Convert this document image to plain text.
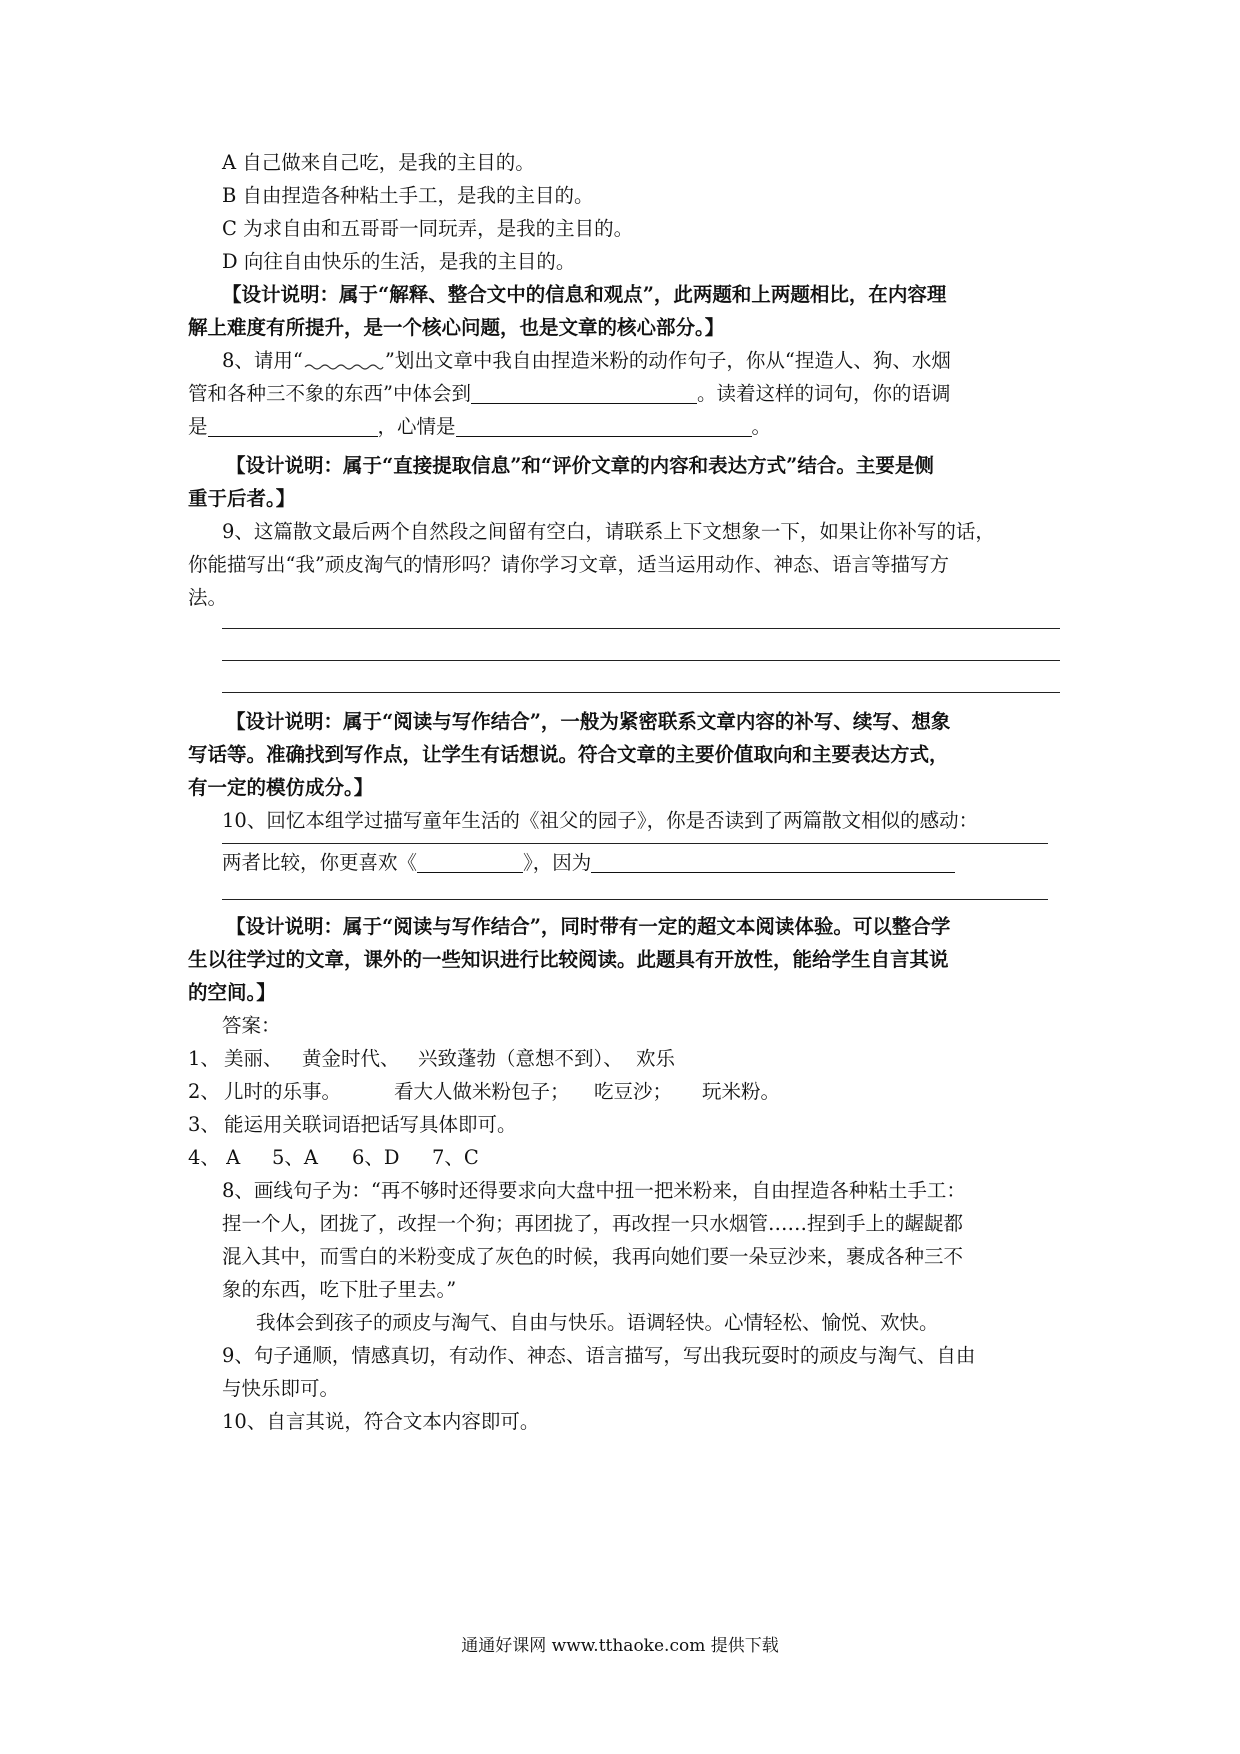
A 自己做来自己吃，是我的主目的。
B 自由捏造各种粘土手工，是我的主目的。
C 为求自由和五哥哥一同玩弄，是我的主目的。
D 向往自由快乐的生活，是我的主目的。
【设计说明：属于“解释、整合文中的信息和观点”，此两题和上两题相比，在内容理
解上难度有所提升，是一个核心问题，也是文章的核心部分。】
8、请用“	”划出文章中我自由捏造米粉的动作句子，你从“捏造人、狗、水烟
管和各种三不象的东西”中体会到	。读着这样的词句，你的语调
是	，心情是	。
【设计说明：属于“直接提取信息”和“评价文章的内容和表达方式”结合。主要是侧
重于后者。】
9、这篇散文最后两个自然段之间留有空白，请联系上下文想象一下，如果让你补写的话，
你能描写出“我”顽皮淘气的情形吗？请你学习文章，适当运用动作、神态、语言等描写方
法。
【设计说明：属于“阅读与写作结合”，一般为紧密联系文章内容的补写、续写、想象
写话等。准确找到写作点，让学生有话想说。符合文章的主要价值取向和主要表达方式，
有一定的模仿成分。】
10、回忆本组学过描写童年生活的《祖父的园子》，你是否读到了两篇散文相似的感动：
两者比较，你更喜欢《	》，因为
【设计说明：属于“阅读与写作结合”，同时带有一定的超文本阅读体验。可以整合学
生以往学过的文章，课外的一些知识进行比较阅读。此题具有开放性，能给学生自言其说
的空间。】
答案：
1、 美丽、 黄金时代、 兴致蓬勃（意想不到）、 欢乐
2、 儿时的乐事。	看大人做米粉包子； 吃豆沙； 玩米粉。
3、 能运用关联词语把话写具体即可。
4、 A 5、A 6、D 7、C
8、画线句子为：“再不够时还得要求向大盘中扭一把米粉来，自由捏造各种粘土手工：
捏一个人，团拢了，改捏一个狗；再团拢了，再改捏一只水烟管……捏到手上的龌龊都
混入其中，而雪白的米粉变成了灰色的时候，我再向她们要一朵豆沙来，裹成各种三不
象的东西，吃下肚子里去。”
我体会到孩子的顽皮与淘气、自由与快乐。语调轻快。心情轻松、愉悦、欢快。
9、句子通顺，情感真切，有动作、神态、语言描写，写出我玩耍时的顽皮与淘气、自由
与快乐即可。
10、自言其说，符合文本内容即可。
通通好课网 www.tthaoke.com 提供下载
